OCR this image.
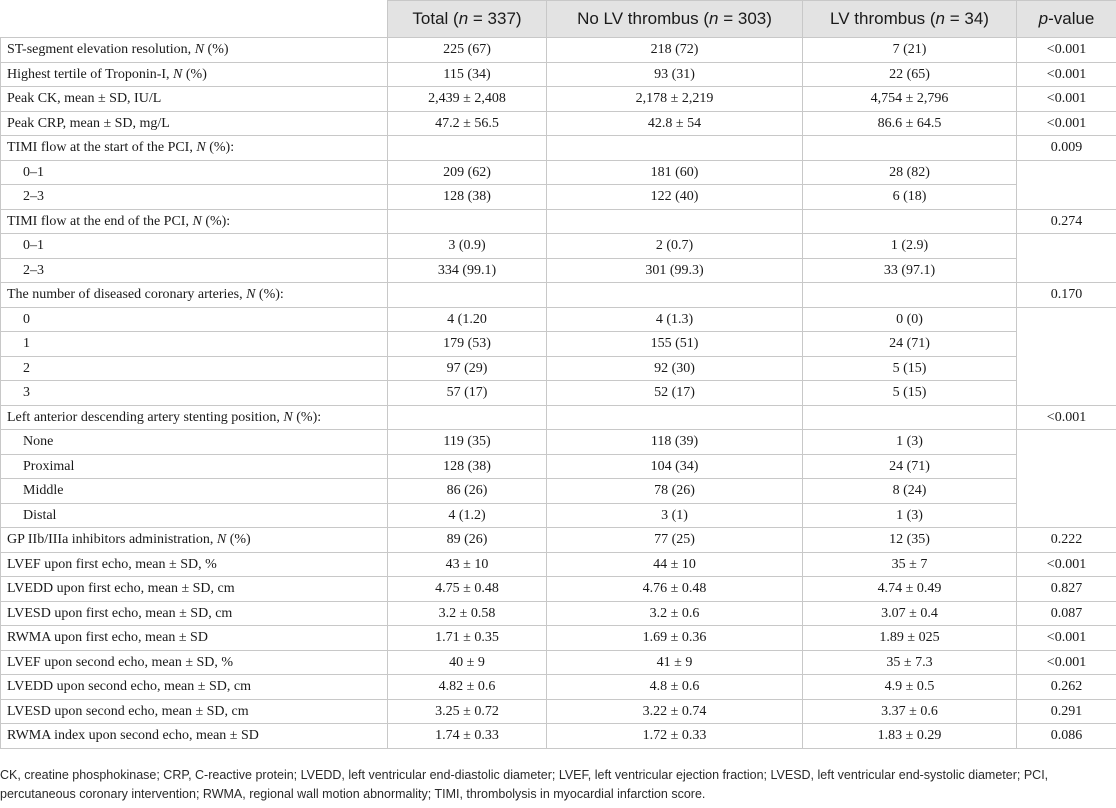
	Total (n = 337)	No LV thrombus (n = 303)	LV thrombus (n = 34)	p-value
ST-segment elevation resolution, N (%)	225 (67)	218 (72)	7 (21)	<0.001
Highest tertile of Troponin-I, N (%)	115 (34)	93 (31)	22 (65)	<0.001
Peak CK, mean ± SD, IU/L	2,439 ± 2,408	2,178 ± 2,219	4,754 ± 2,796	<0.001
Peak CRP, mean ± SD, mg/L	47.2 ± 56.5	42.8 ± 54	86.6 ± 64.5	<0.001
TIMI flow at the start of the PCI, N (%):				0.009
0–1	209 (62)	181 (60)	28 (82)	
2–3	128 (38)	122 (40)	6 (18)	
TIMI flow at the end of the PCI, N (%):				0.274
0–1	3 (0.9)	2 (0.7)	1 (2.9)	
2–3	334 (99.1)	301 (99.3)	33 (97.1)	
The number of diseased coronary arteries, N (%):				0.170
0	4 (1.20	4 (1.3)	0 (0)	
1	179 (53)	155 (51)	24 (71)	
2	97 (29)	92 (30)	5 (15)	
3	57 (17)	52 (17)	5 (15)	
Left anterior descending artery stenting position, N (%):				<0.001
None	119 (35)	118 (39)	1 (3)	
Proximal	128 (38)	104 (34)	24 (71)	
Middle	86 (26)	78 (26)	8 (24)	
Distal	4 (1.2)	3 (1)	1 (3)	
GP IIb/IIIa inhibitors administration, N (%)	89 (26)	77 (25)	12 (35)	0.222
LVEF upon first echo, mean ± SD, %	43 ± 10	44 ± 10	35 ± 7	<0.001
LVEDD upon first echo, mean ± SD, cm	4.75 ± 0.48	4.76 ± 0.48	4.74 ± 0.49	0.827
LVESD upon first echo, mean ± SD, cm	3.2 ± 0.58	3.2 ± 0.6	3.07 ± 0.4	0.087
RWMA upon first echo, mean ± SD	1.71 ± 0.35	1.69 ± 0.36	1.89 ± 025	<0.001
LVEF upon second echo, mean ± SD, %	40 ± 9	41 ± 9	35 ± 7.3	<0.001
LVEDD upon second echo, mean ± SD, cm	4.82 ± 0.6	4.8 ± 0.6	4.9 ± 0.5	0.262
LVESD upon second echo, mean ± SD, cm	3.25 ± 0.72	3.22 ± 0.74	3.37 ± 0.6	0.291
RWMA index upon second echo, mean ± SD	1.74 ± 0.33	1.72 ± 0.33	1.83 ± 0.29	0.086
CK, creatine phosphokinase; CRP, C-reactive protein; LVEDD, left ventricular end-diastolic diameter; LVEF, left ventricular ejection fraction; LVESD, left ventricular end-systolic diameter; PCI, percutaneous coronary intervention; RWMA, regional wall motion abnormality; TIMI, thrombolysis in myocardial infarction score.
